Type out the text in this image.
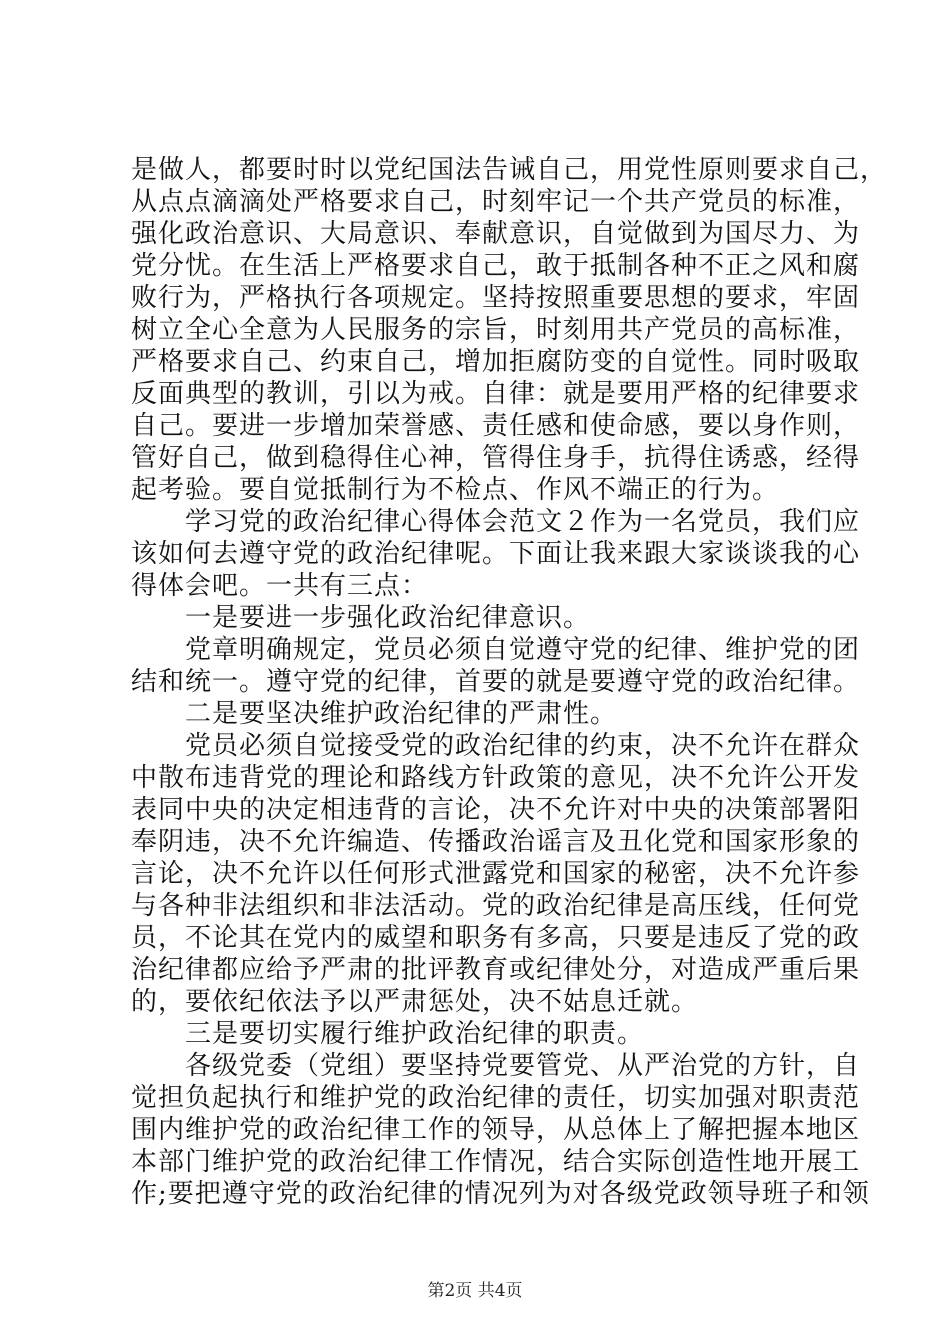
是做人，都要时时以党纪国法告诫自己，用党性原则要求自己，
从点点滴滴处严格要求自己，时刻牢记一个共产党员的标准，
强化政治意识、大局意识、奉献意识，自觉做到为国尽力、为
党分忧。在生活上严格要求自己，敢于抵制各种不正之风和腐
败行为，严格执行各项规定。坚持按照重要思想的要求，牢固
树立全心全意为人民服务的宗旨，时刻用共产党员的高标准，
严格要求自己、约束自己，增加拒腐防变的自觉性。同时吸取
反面典型的教训，引以为戒。自律：就是要用严格的纪律要求
自己。要进一步增加荣誉感、责任感和使命感，要以身作则，
管好自己，做到稳得住心神，管得住身手，抗得住诱惑，经得
起考验。要自觉抵制行为不检点、作风不端正的行为。
　　学习党的政治纪律心得体会范文２作为一名党员，我们应
该如何去遵守党的政治纪律呢。下面让我来跟大家谈谈我的心
得体会吧。一共有三点：
　　一是要进一步强化政治纪律意识。
　　党章明确规定，党员必须自觉遵守党的纪律、维护党的团
结和统一。遵守党的纪律，首要的就是要遵守党的政治纪律。
　　二是要坚决维护政治纪律的严肃性。
　　党员必须自觉接受党的政治纪律的约束，决不允许在群众
中散布违背党的理论和路线方针政策的意见，决不允许公开发
表同中央的决定相违背的言论，决不允许对中央的决策部署阳
奉阴违，决不允许编造、传播政治谣言及丑化党和国家形象的
言论，决不允许以任何形式泄露党和国家的秘密，决不允许参
与各种非法组织和非法活动。党的政治纪律是高压线，任何党
员，不论其在党内的威望和职务有多高，只要是违反了党的政
治纪律都应给予严肃的批评教育或纪律处分，对造成严重后果
的，要依纪依法予以严肃惩处，决不姑息迁就。
　　三是要切实履行维护政治纪律的职责。
　　各级党委（党组）要坚持党要管党、从严治党的方针，自
觉担负起执行和维护党的政治纪律的责任，切实加强对职责范
围内维护党的政治纪律工作的领导，从总体上了解把握本地区
本部门维护党的政治纪律工作情况，结合实际创造性地开展工
作;要把遵守党的政治纪律的情况列为对各级党政领导班子和领
第2页 共4页
